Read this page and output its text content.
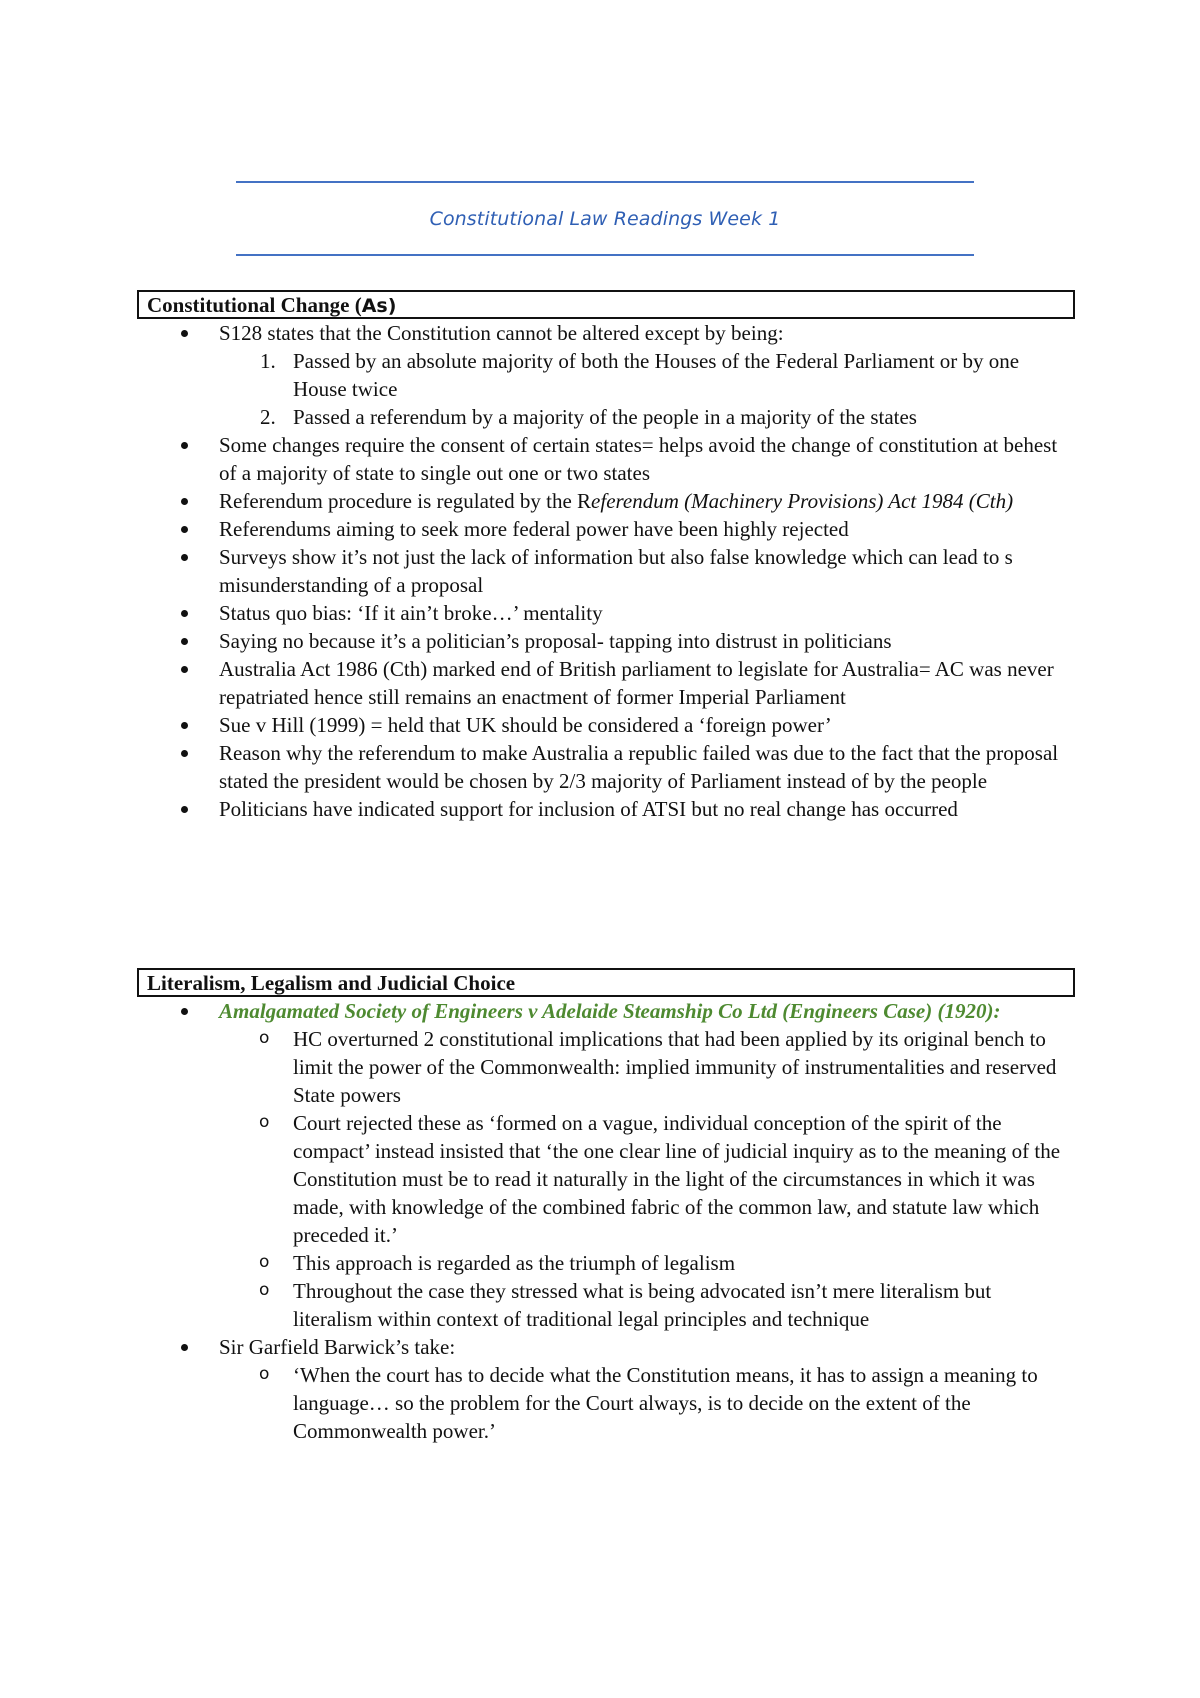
Constitutional Law Readings Week 1
Constitutional Change (As)
S128 states that the Constitution cannot be altered except by being:
1. Passed by an absolute majority of both the Houses of the Federal Parliament or by one House twice
2. Passed a referendum by a majority of the people in a majority of the states
Some changes require the consent of certain states= helps avoid the change of constitution at behest of a majority of state to single out one or two states
Referendum procedure is regulated by the Referendum (Machinery Provisions) Act 1984 (Cth)
Referendums aiming to seek more federal power have been highly rejected
Surveys show it’s not just the lack of information but also false knowledge which can lead to s misunderstanding of a proposal
Status quo bias: ‘If it ain’t broke…’ mentality
Saying no because it’s a politician’s proposal- tapping into distrust in politicians
Australia Act 1986 (Cth) marked end of British parliament to legislate for Australia= AC was never repatriated hence still remains an enactment of former Imperial Parliament
Sue v Hill (1999) = held that UK should be considered a ‘foreign power’
Reason why the referendum to make Australia a republic failed was due to the fact that the proposal stated the president would be chosen by 2/3 majority of Parliament instead of by the people
Politicians have indicated support for inclusion of ATSI but no real change has occurred
Literalism, Legalism and Judicial Choice
Amalgamated Society of Engineers v Adelaide Steamship Co Ltd (Engineers Case) (1920):
o HC overturned 2 constitutional implications that had been applied by its original bench to limit the power of the Commonwealth: implied immunity of instrumentalities and reserved State powers
o Court rejected these as ‘formed on a vague, individual conception of the spirit of the compact’ instead insisted that ‘the one clear line of judicial inquiry as to the meaning of the Constitution must be to read it naturally in the light of the circumstances in which it was made, with knowledge of the combined fabric of the common law, and statute law which preceded it.’
o This approach is regarded as the triumph of legalism
o Throughout the case they stressed what is being advocated isn’t mere literalism but literalism within context of traditional legal principles and technique
Sir Garfield Barwick’s take:
o ‘When the court has to decide what the Constitution means, it has to assign a meaning to language… so the problem for the Court always, is to decide on the extent of the Commonwealth power.’
